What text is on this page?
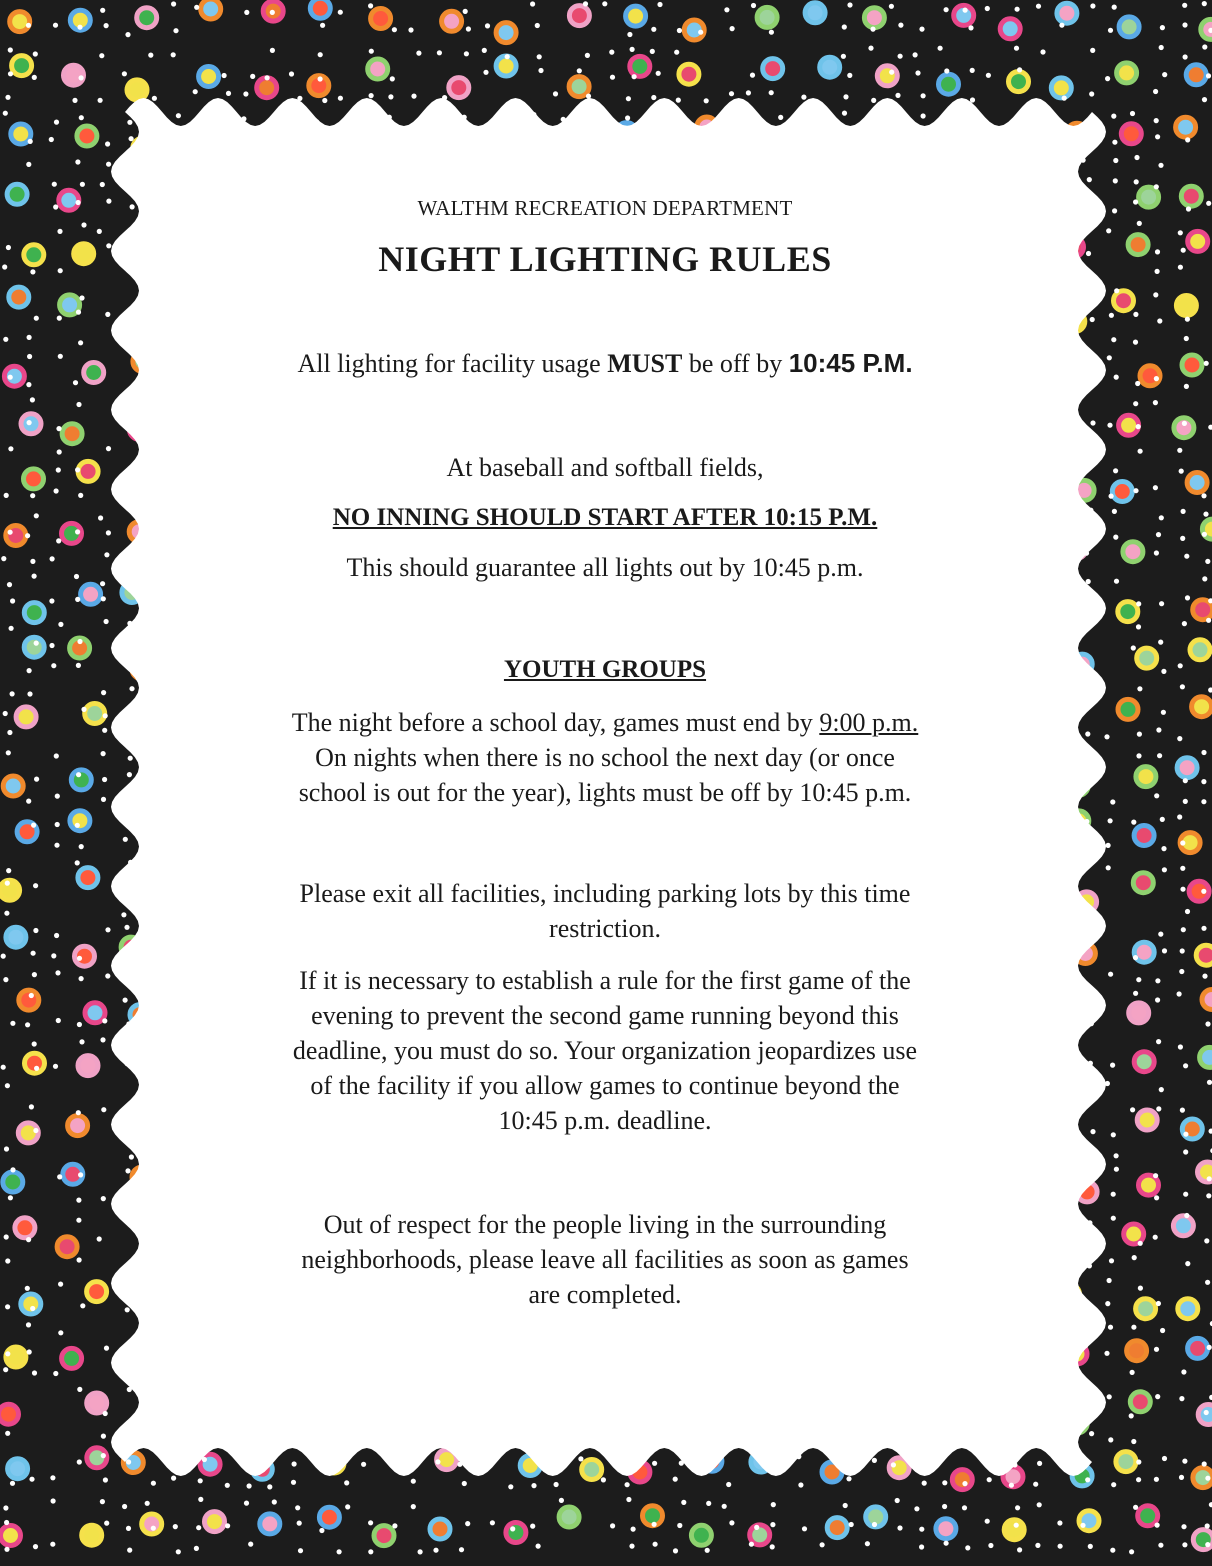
WALTHM RECREATION DEPARTMENT
NIGHT LIGHTING RULES
All lighting for facility usage MUST be off by 10:45 P.M.
At baseball and softball fields,
NO INNING SHOULD START AFTER 10:15 P.M.
This should guarantee all lights out by 10:45 p.m.
YOUTH GROUPS
The night before a school day, games must end by 9:00 p.m.
On nights when there is no school the next day (or once
school is out for the year), lights must be off by 10:45 p.m.
Please exit all facilities, including parking lots by this time
restriction.
If it is necessary to establish a rule for the first game of the
evening to prevent the second game running beyond this
deadline, you must do so. Your organization jeopardizes use
of the facility if you allow games to continue beyond the
10:45 p.m. deadline.
Out of respect for the people living in the surrounding
neighborhoods, please leave all facilities as soon as games
are completed.
